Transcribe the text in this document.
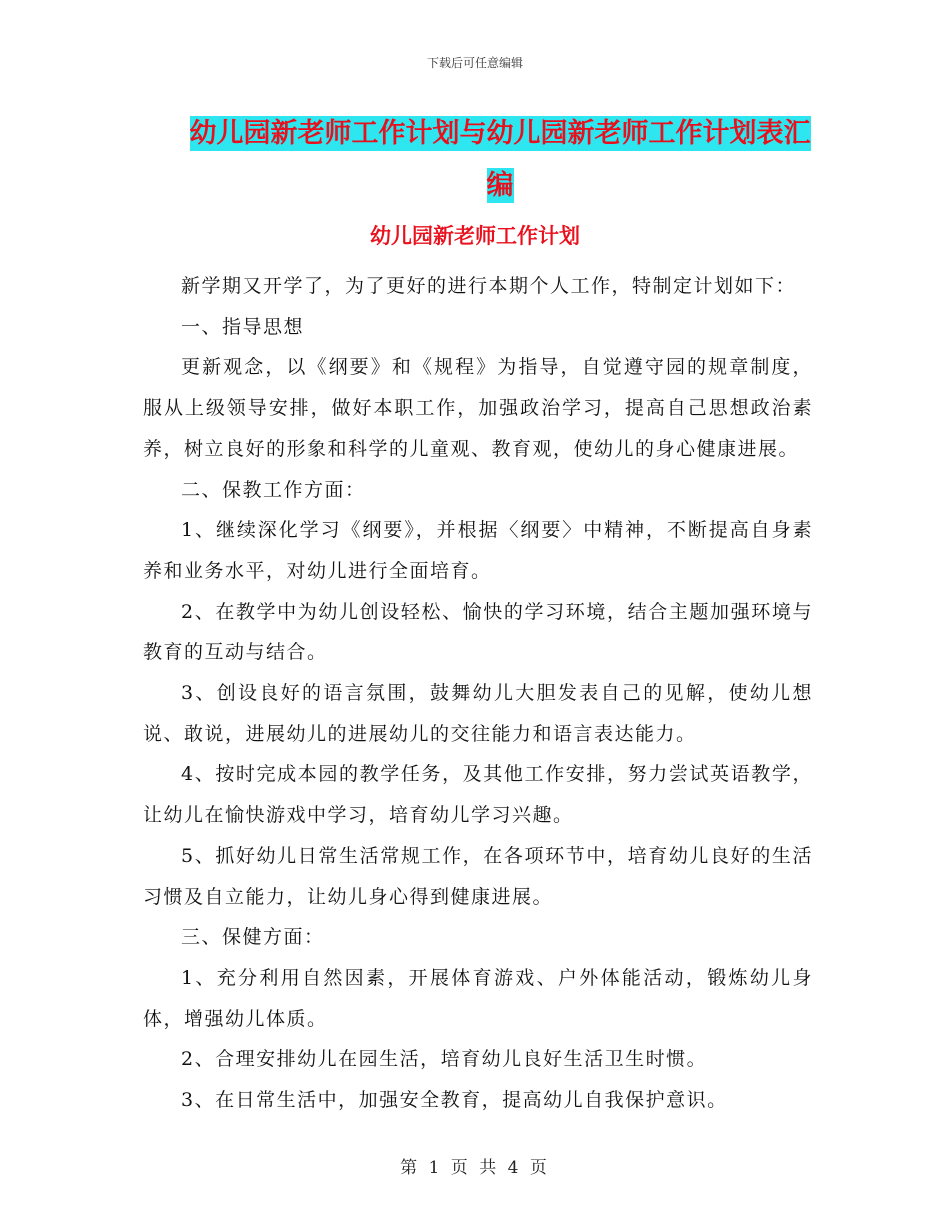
下载后可任意编辑
幼儿园新老师工作计划与幼儿园新老师工作计划表汇
编
幼儿园新老师工作计划

新学期又开学了，为了更好的进行本期个人工作，特制定计划如下：

一、指导思想

更新观念，以《纲要》和《规程》为指导，自觉遵守园的规章制度，服从上级领导安排，做好本职工作，加强政治学习，提高自己思想政治素养，树立良好的形象和科学的儿童观、教育观，使幼儿的身心健康进展。

二、保教工作方面：

1、继续深化学习《纲要》，并根据〈纲要〉中精神，不断提高自身素养和业务水平，对幼儿进行全面培育。

2、在教学中为幼儿创设轻松、愉快的学习环境，结合主题加强环境与教育的互动与结合。

3、创设良好的语言氛围，鼓舞幼儿大胆发表自己的见解，使幼儿想说、敢说，进展幼儿的进展幼儿的交往能力和语言表达能力。

4、按时完成本园的教学任务，及其他工作安排，努力尝试英语教学，让幼儿在愉快游戏中学习，培育幼儿学习兴趣。

5、抓好幼儿日常生活常规工作，在各项环节中，培育幼儿良好的生活习惯及自立能力，让幼儿身心得到健康进展。

三、保健方面：

1、充分利用自然因素，开展体育游戏、户外体能活动，锻炼幼儿身体，增强幼儿体质。

2、合理安排幼儿在园生活，培育幼儿良好生活卫生时惯。

3、在日常生活中，加强安全教育，提高幼儿自我保护意识。

第 1 页 共 4 页
